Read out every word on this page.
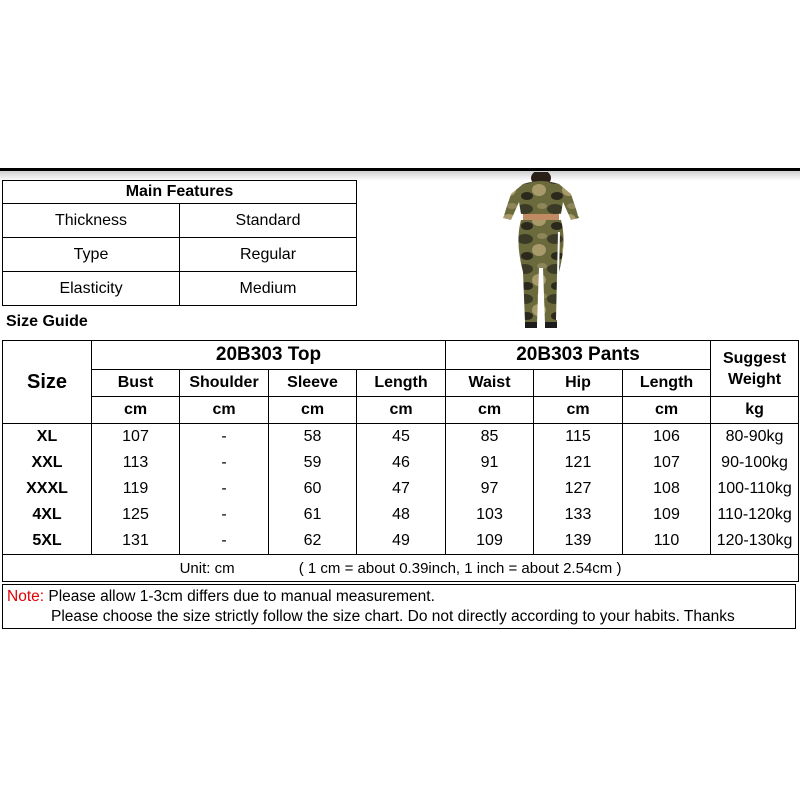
Main Features	
Thickness	Standard
Type	Regular
Elasticity	Medium
Size Guide
Size	20B303 Top				20B303 Pants			Suggest
Weight
	Bust	Shoulder	Sleeve	Length	Waist	Hip	Length	
	cm	cm	cm	cm	cm	cm	cm	kg
XL	107	-	58	45	85	115	106	80-90kg
XXL	113	-	59	46	91	121	107	90-100kg
XXXL	119	-	60	47	97	127	108	100-110kg
4XL	125	-	61	48	103	133	109	110-120kg
5XL	131	-	62	49	109	139	110	120-130kg
Unit: cm ( 1 cm = about 0.39inch, 1 inch = about 2.54cm )								
Note: Please allow 1-3cm differs due to manual measurement.
Please choose the size strictly follow the size chart. Do not directly according to your habits. Thanks
